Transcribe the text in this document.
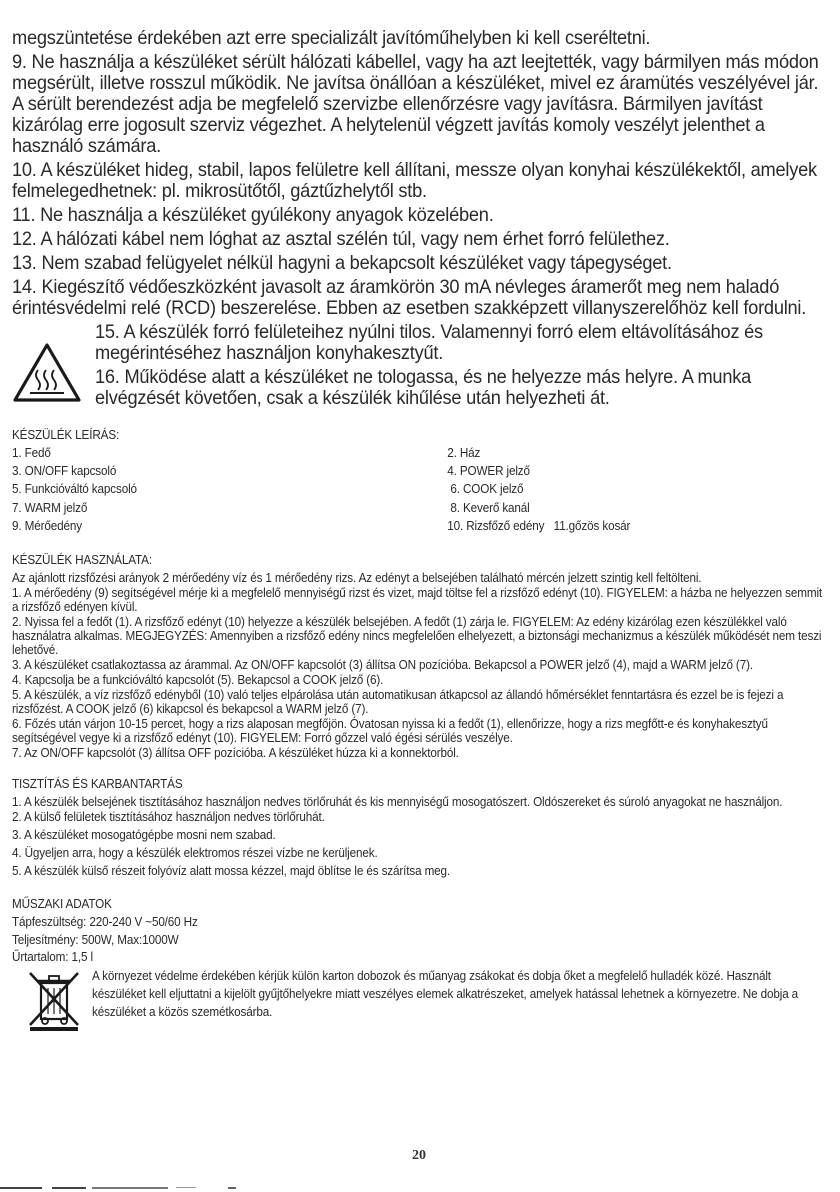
megszüntetése érdekében azt erre specializált javítóműhelyben ki kell cseréltetni.

9. Ne használja a készüléket sérült hálózati kábellel, vagy ha azt leejtették, vagy bármilyen más módon megsérült, illetve rosszul működik. Ne javítsa önállóan a készüléket, mivel ez áramütés veszélyével jár. A sérült berendezést adja be megfelelő szervizbe ellenőrzésre vagy javításra. Bármilyen javítást kizárólag erre jogosult szerviz végezhet. A helytelenül végzett javítás komoly veszélyt jelenthet a használó számára.

10. A készüléket hideg, stabil, lapos felületre kell állítani, messze olyan konyhai készülékektől, amelyek felmelegedhetnek: pl. mikrosütőtől, gáztűzhelytől stb.

11. Ne használja a készüléket gyúlékony anyagok közelében.

12. A hálózati kábel nem lóghat az asztal szélén túl, vagy nem érhet forró felülethez.

13. Nem szabad felügyelet nélkül hagyni a bekapcsolt készüléket vagy tápegységet.

14. Kiegészítő védőeszközként javasolt az áramkörön 30 mA névleges áramerőt meg nem haladó érintésvédelmi relé (RCD) beszerelése. Ebben az esetben szakképzett villanyszerelőhöz kell fordulni.

15. A készülék forró felületeihez nyúlni tilos. Valamennyi forró elem eltávolításához és megérintéséhez használjon konyhakesztyűt.

16. Működése alatt a készüléket ne tologassa, és ne helyezze más helyre. A munka elvégzését követően, csak a készülék kihűlése után helyezheti át.

KÉSZÜLÉK LEÍRÁS:
1. Fedő	2. Ház
3. ON/OFF kapcsoló	4. POWER jelző
5. Funkcióváltó kapcsoló	6. COOK jelző
7. WARM jelző	8. Keverő kanál
9. Mérőedény	10. Rizsfőző edény   11.gőzös kosár
KÉSZÜLÉK HASZNÁLATA:

Az ajánlott rizsfőzési arányok 2 mérőedény víz és 1 mérőedény rizs. Az edényt a belsejében található mércén jelzett szintig kell feltölteni.

1. A mérőedény (9) segítségével mérje ki a megfelelő mennyiségű rizst és vizet, majd töltse fel a rizsfőző edényt (10). FIGYELEM: a házba ne helyezzen semmit a rizsfőző edényen kívül.

2. Nyissa fel a fedőt (1). A rizsfőző edényt (10) helyezze a készülék belsejében. A fedőt (1) zárja le. FIGYELEM: Az edény kizárólag ezen készülékkel való használatra alkalmas. MEGJEGYZÉS: Amennyiben a rizsfőző edény nincs megfelelően elhelyezett, a biztonsági mechanizmus a készülék működését nem teszi lehetővé.

3. A készüléket csatlakoztassa az árammal. Az ON/OFF kapcsolót (3) állítsa ON pozícióba. Bekapcsol a POWER jelző (4), majd a WARM jelző (7).

4. Kapcsolja be a funkcióváltó kapcsolót (5). Bekapcsol a COOK jelző (6).

5. A készülék, a víz rizsfőző edényből (10) való teljes elpárolása után automatikusan átkapcsol az állandó hőmérséklet fenntartásra és ezzel be is fejezi a rizsfőzést. A COOK jelző (6) kikapcsol és bekapcsol a WARM jelző (7).

6. Főzés után várjon 10-15 percet, hogy a rizs alaposan megfőjön. Óvatosan nyissa ki a fedőt (1), ellenőrizze, hogy a rizs megfőtt-e és konyhakesztyű segítségével vegye ki a rizsfőző edényt (10). FIGYELEM: Forró gőzzel való égési sérülés veszélye.

7. Az ON/OFF kapcsolót (3) állítsa OFF pozícióba. A készüléket húzza ki a konnektorból.

TISZTÍTÁS ÉS KARBANTARTÁS

1. A készülék belsejének tisztításához használjon nedves törlőruhát és kis mennyiségű mosogatószert. Oldószereket és súroló anyagokat ne használjon.

2. A külső felületek tisztításához használjon nedves törlőruhát.

3. A készüléket mosogatógépbe mosni nem szabad.

4. Ügyeljen arra, hogy a készülék elektromos részei vízbe ne kerüljenek.

5. A készülék külső részeit folyóvíz alatt mossa kézzel, majd öblítse le és szárítsa meg.

MŰSZAKI ADATOK
Tápfeszültség: 220-240 V ~50/60 Hz
Teljesítmény: 500W, Max:1000W
Űrtartalom: 1,5 l
A környezet védelme érdekében kérjük külön karton dobozok és műanyag zsákokat és dobja őket a megfelelő hulladék közé. Használt készüléket kell eljuttatni a kijelölt gyűjtőhelyekre miatt veszélyes elemek alkatrészeket, amelyek hatással lehetnek a környezetre. Ne dobja a készüléket a közös szemétkosárba.
20
